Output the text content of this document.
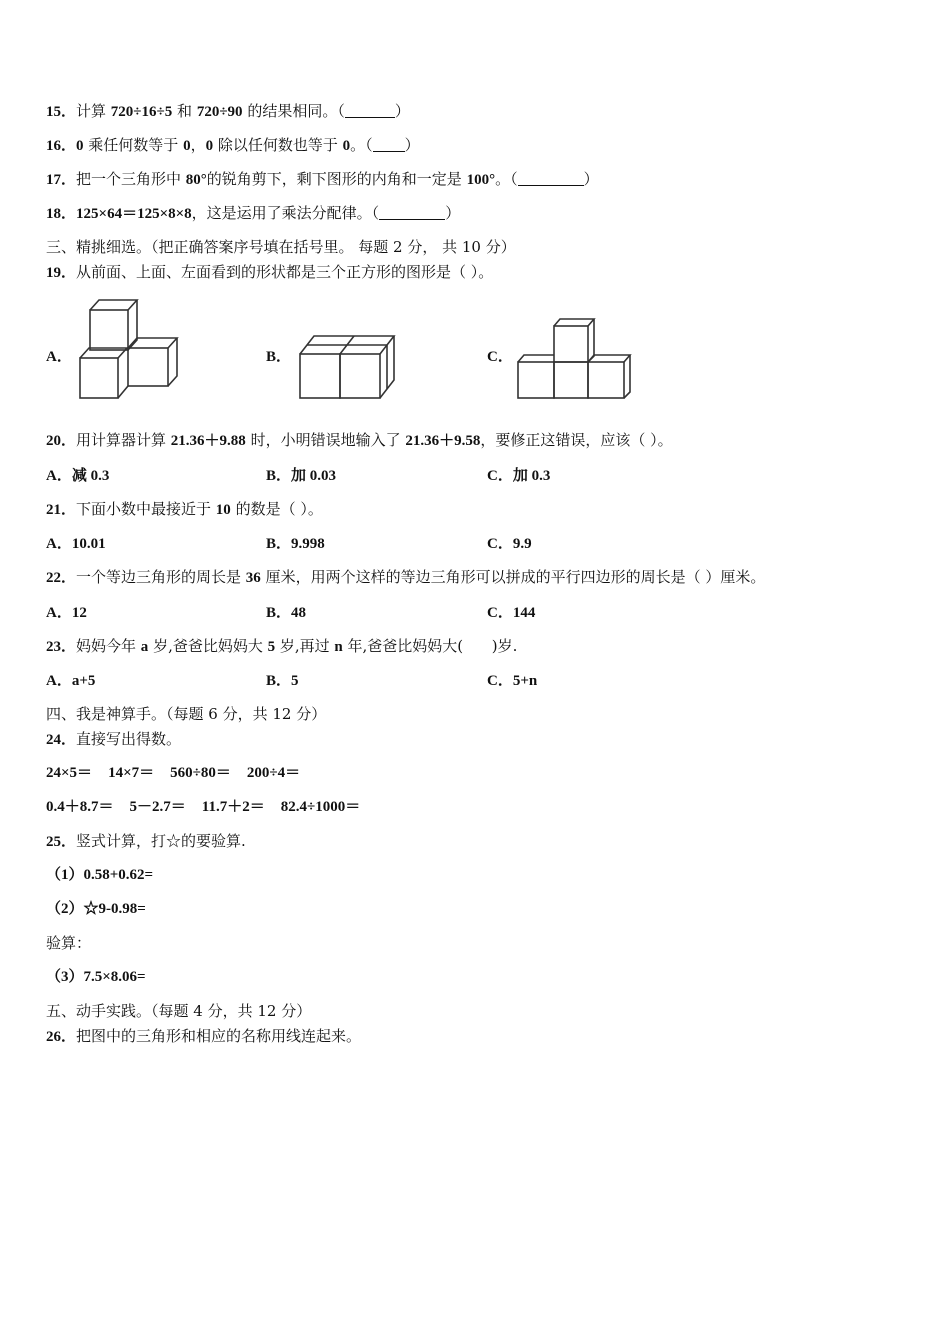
15．计算 720÷16÷5 和 720÷90 的结果相同。（	）
16．0 乘任何数等于 0，0 除以任何数也等于 0。（ ）
17．把一个三角形中 80°的锐角剪下，剩下图形的内角和一定是 100°。（	）
18．125×64＝125×8×8，这是运用了乘法分配律。（	）
三、精挑细选。（把正确答案序号填在括号里。 每题 2 分， 共 10 分）
19．从前面、上面、左面看到的形状都是三个正方形的图形是（ ）。
A．	B．	C．
20．用计算器计算 21.36＋9.88 时，小明错误地输入了 21.36＋9.58，要修正这错误，应该（ ）。
A．减 0.3	B．加 0.03	C．加 0.3
21．下面小数中最接近于 10 的数是（ ）。
A．10.01	B．9.998	C．9.9
22．一个等边三角形的周长是 36 厘米，用两个这样的等边三角形可以拼成的平行四边形的周长是（ ）厘米。
A．12	B．48	C．144
23．妈妈今年 a 岁,爸爸比妈妈大 5 岁,再过 n 年,爸爸比妈妈大( )岁.
A．a+5	B．5	C．5+n
四、我是神算手。（每题 6 分，共 12 分）
24．直接写出得数。
24×5＝ 14×7＝ 560÷80＝ 200÷4＝
0.4＋8.7＝ 5－2.7＝ 11.7＋2＝ 82.4÷1000＝
25．竖式计算，打☆的要验算.
（1）0.58+0.62=
（2）☆9-0.98=
验算：
（3）7.5×8.06=
五、动手实践。（每题 4 分，共 12 分）
26．把图中的三角形和相应的名称用线连起来。
